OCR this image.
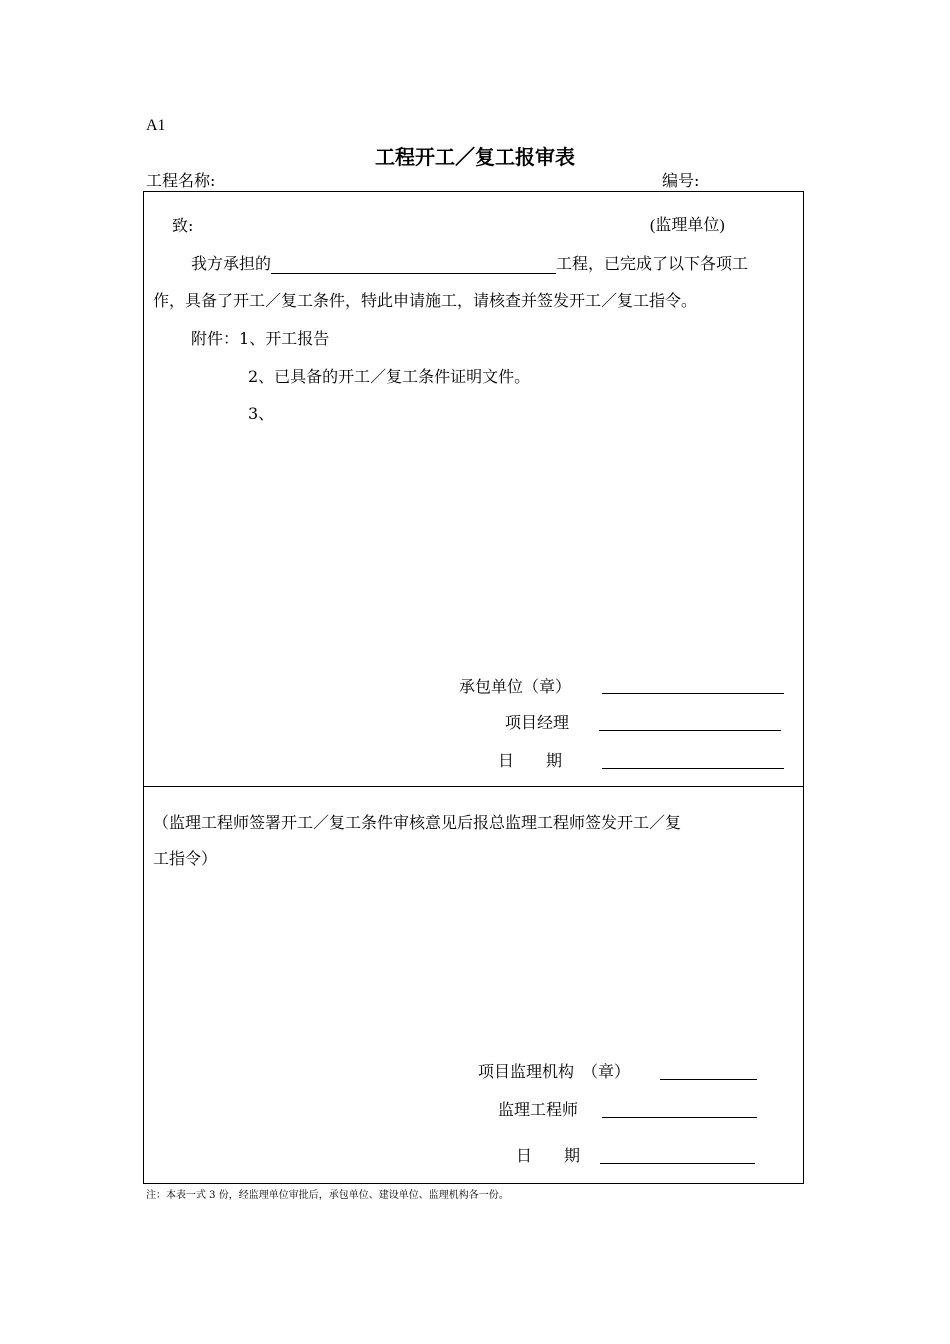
A1
工程开工／复工报审表
工程名称:	编号:
致:	(监理单位)
我方承担的	工程，已完成了以下各项工
作，具备了开工／复工条件，特此申请施工，请核查并签发开工／复工指令。
附件：1、开工报告
2、已具备的开工／复工条件证明文件。
3、
承包单位（章）
项目经理
日　　期
（监理工程师签署开工／复工条件审核意见后报总监理工程师签发开工／复
工指令）
项目监理机构　（章）
监理工程师
日　　期
注：本表一式 3 份，经监理单位审批后，承包单位、建设单位、监理机构各一份。
